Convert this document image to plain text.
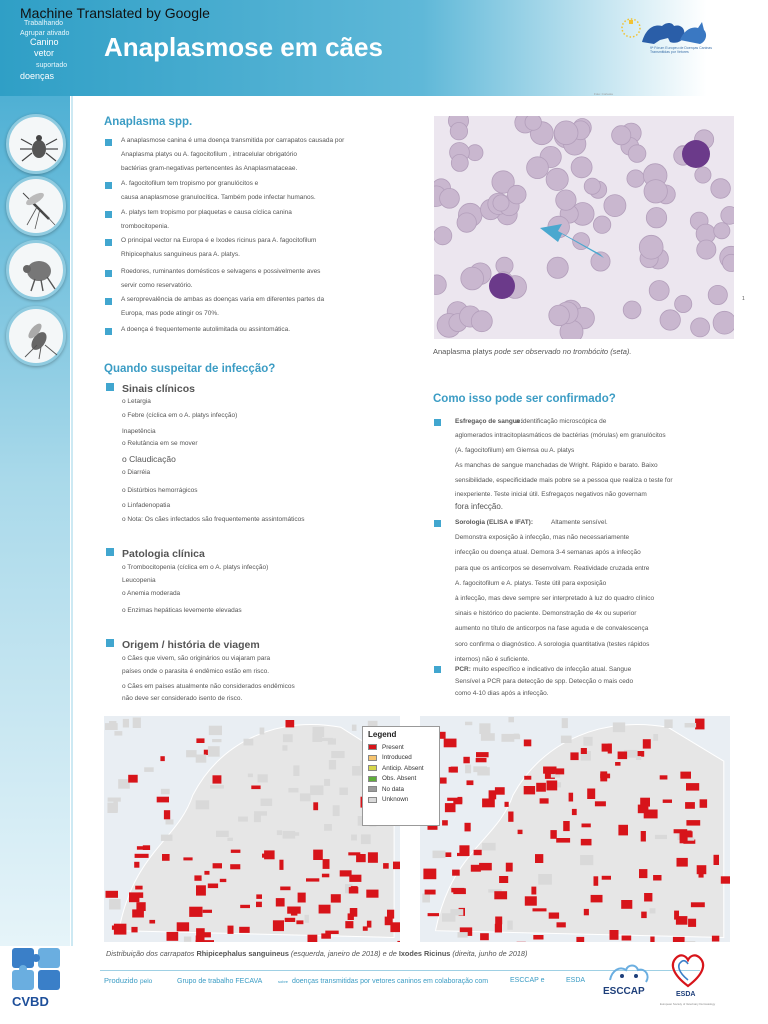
Machine Translated by Google
Anaplasmose em cães
Trabalhando
Agrupar ativado
Canino
vetor
suportado
doenças
9ª Fórum Europeu de Doenças Caninas Transmitidas por Vetores
Foto: Cortesia
Anaplasma spp.
A anaplasmose canina é uma doença transmitida por carrapatos causada por
Anaplasma platys ou A. fagocitofilum , intracelular obrigatório
bactérias gram-negativas pertencentes às Anaplasmataceae.
A. fagocitofilum tem tropismo por granulócitos e
causa anaplasmose granulocítica. Também pode infectar humanos.
A. platys tem tropismo por plaquetas e causa cíclica canina
trombocitopenia.
O principal vector na Europa é e Ixodes ricinus para A. fagocitofilum
Rhipicephalus sanguineus para A. platys.
Roedores, ruminantes domésticos e selvagens e possivelmente aves
servir como reservatório.
A seroprevalência de ambas as doenças varia em diferentes partes da
Europa, mas pode atingir os 70%.
A doença é frequentemente autolimitada ou assintomática.
1
Anaplasma platys pode ser observado no trombócito (seta).
Quando suspeitar de infecção?
Sinais clínicos
o Letargia
o Febre (cíclica em o A. platys infecção)
Inapetência
o Relutância em se mover
o Claudicação
o Diarréia
o Distúrbios hemorrágicos
o Linfadenopatia
o Nota: Os cães infectados são frequentemente assintomáticos
Patologia clínica
o Trombocitopenia (cíclica em o A. platys infecção)
Leucopenia
o Anemia moderada
o Enzimas hepáticas levemente elevadas
Origem / história de viagem
o Cães que vivem, são originários ou viajaram para
países onde o parasita é endêmico estão em risco.
o Cães em países atualmente não considerados endêmicos
não deve ser considerado isento de risco.
Como isso pode ser confirmado?
Esfregaço de sangue:
a identificação microscópica de
aglomerados intracitoplasmáticos de bactérias (mórulas) em granulócitos
(A. fagocitofilum) em Giemsa ou A. platys
As manchas de sangue manchadas de Wright. Rápido e barato. Baixo
sensibilidade, especificidade mais pobre se a pessoa que realiza o teste for
inexperiente. Teste inicial útil. Esfregaços negativos não governam
fora infecção.
Sorologia (ELISA e IFAT):	Altamente sensível.
Demonstra exposição à infecção, mas não necessariamente
infecção ou doença atual. Demora 3-4 semanas após a infecção
para que os anticorpos se desenvolvam. Reatividade cruzada entre
A. fagocitofilum e A. platys. Teste útil para exposição
à infecção, mas deve sempre ser interpretado à luz do quadro clínico
sinais e histórico do paciente. Demonstração de 4x ou superior
aumento no título de anticorpos na fase aguda e de convalescença
soro confirma o diagnóstico. A sorologia quantitativa (testes rápidos
internos) não é suficiente.
PCR: muito específico e indicativo de infecção atual. Sangue
Sensível a PCR para detecção de spp. Detecção o mais cedo
como 4-10 dias após a infecção.
Legend
Present
Introduced
Anticip. Absent
Obs. Absent
No data
Unknown
Distribuição dos carrapatos Rhipicephalus sanguineus (esquerda, janeiro de 2018) e de Ixodes Ricinus (direita, junho de 2018)
Produzido pelo	Grupo de trabalho FECAVA	sobre doenças transmitidas por vetores caninos em colaboração com	ESCCAP e	ESDA
CVBD
ESCCAP	ESDA
European Society of Veterinary Dermatology
